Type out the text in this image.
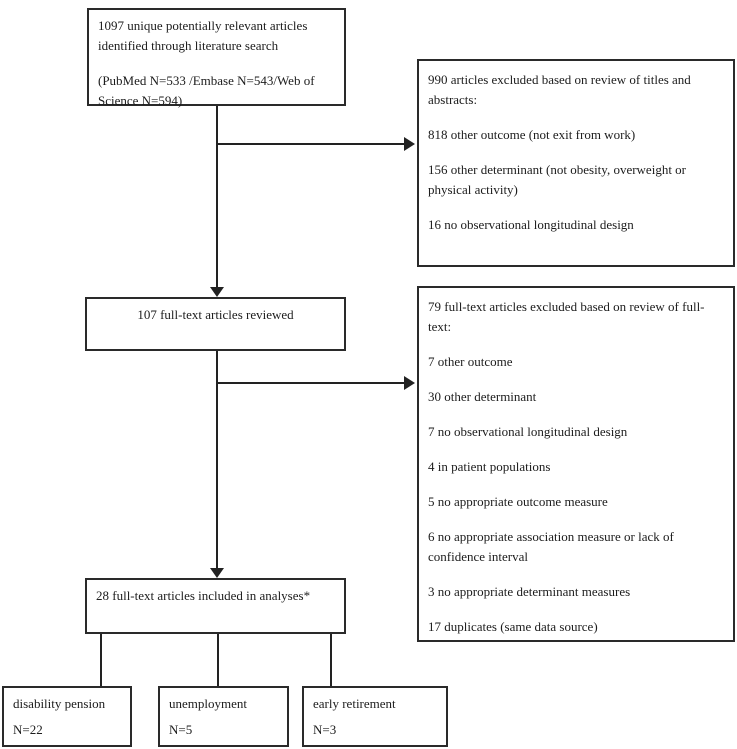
1097 unique potentially relevant articles identified through literature search

(PubMed N=533 /Embase N=543/Web of Science N=594)

990 articles excluded based on review of titles and abstracts:

818 other outcome (not exit from work)

156 other determinant (not obesity, overweight or physical activity)

16 no observational longitudinal design

107 full-text articles reviewed

79 full-text articles excluded based on review of full-text:

7 other outcome

30 other determinant

7 no observational longitudinal design

4 in patient populations

5 no appropriate outcome measure

6 no appropriate association measure or lack of confidence interval

3 no appropriate determinant measures

17 duplicates (same data source)

28 full-text articles included in analyses*

disability pension

N=22

unemployment

N=5

early retirement

N=3
